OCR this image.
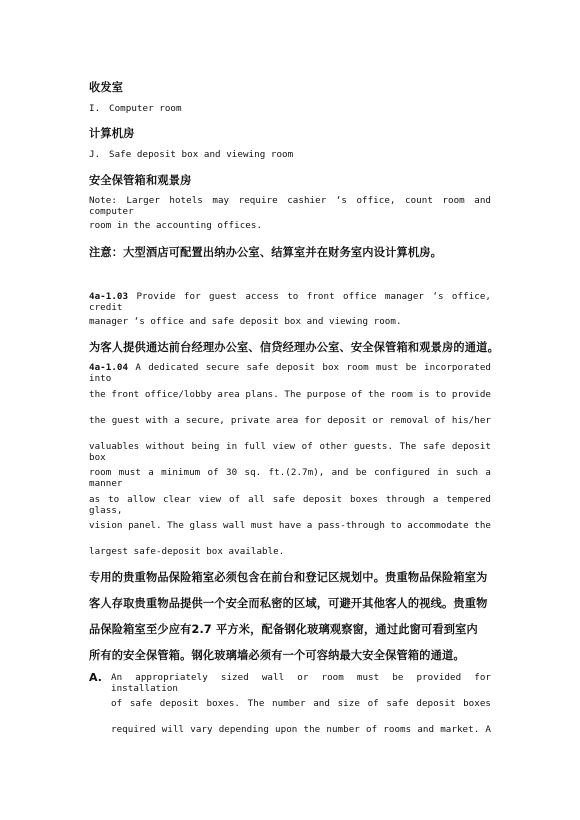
收发室
I. Computer room
计算机房
J. Safe deposit box and viewing room
安全保管箱和观景房
Note: Larger hotels may require cashier ‘s office, count room and computer
room in the accounting offices.
注意：大型酒店可配置出纳办公室、结算室并在财务室内设计算机房。
4a-1.03 Provide for guest access to front office manager ‘s office, credit
manager ‘s office and safe deposit box and viewing room.
为客人提供通达前台经理办公室、信贷经理办公室、安全保管箱和观景房的通道。
4a-1.04 A dedicated secure safe deposit box room must be incorporated into
the front office/lobby area plans. The purpose of the room is to provide
the guest with a secure, private area for deposit or removal of his/her
valuables without being in full view of other guests. The safe deposit box
room must a minimum of 30 sq. ft.(2.7m), and be configured in such a manner
as to allow clear view of all safe deposit boxes through a tempered glass,
vision panel. The glass wall must have a pass-through to accommodate the
largest safe-deposit box available.
专用的贵重物品保险箱室必须包含在前台和登记区规划中。贵重物品保险箱室为
客人存取贵重物品提供一个安全而私密的区域，可避开其他客人的视线。贵重物
品保险箱室至少应有2.7 平方米，配备钢化玻璃观察窗，通过此窗可看到室内
所有的安全保管箱。钢化玻璃墙必须有一个可容纳最大安全保管箱的通道。
A. An appropriately sized wall or room must be provided for installation
of safe deposit boxes. The number and size of safe deposit boxes
required will vary depending upon the number of rooms and market. A
